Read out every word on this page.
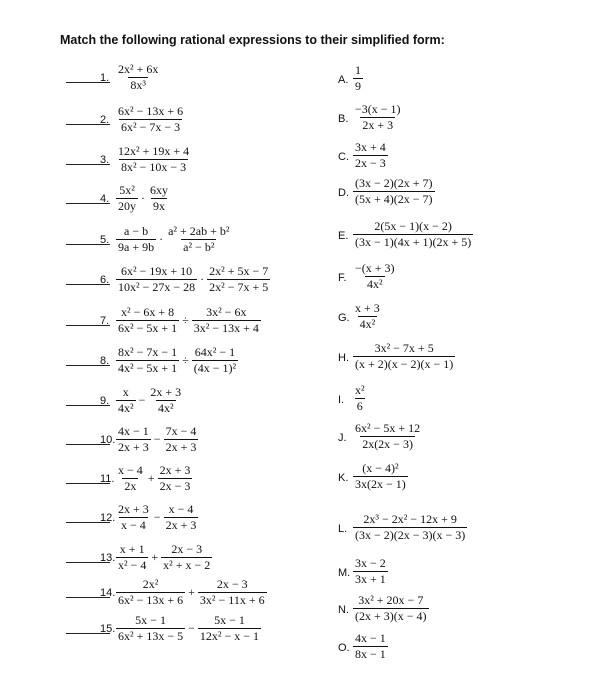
Match the following rational expressions to their simplified form:
1. $\frac{\text{2x² + 6x}}{\text{8x³}}$
2. $\frac{\text{6x² − 13x + 6}}{\text{6x² − 7x − 3}}$
3. $\frac{\text{12x² + 19x + 4}}{\text{8x² − 10x − 3}}$
4. $\frac{\text{5x²}}{20y} \cdot \frac{6xy}{9x}$
5. $\frac{a - b}{9a + 9b} \cdot \frac{\text{a² + 2ab + b²}}{\text{a² − b²}}$
6. $\frac{\text{6x² − 19x + 10}}{\text{10x² − 27x − 28}} \cdot \frac{\text{2x² + 5x − 7}}{\text{2x² − 7x + 5}}$
7. $\frac{\text{x² − 6x + 8}}{\text{6x² − 5x + 1}} \div \frac{\text{3x² − 6x}}{\text{3x² − 13x + 4}}$
8. $\frac{\text{8x² − 7x − 1}}{\text{4x² − 5x + 1}} \div \frac{\text{64x² − 1}}{\text{(4x − 1)²}}$
9. $\frac{x}{\text{4x²}} - \frac{2x + 3}{\text{4x²}}$
10. $\frac{4x - 1}{2x + 3} - \frac{7x - 4}{2x + 3}$
11. $\frac{x - 4}{2x} + \frac{2x + 3}{2x - 3}$
12. $\frac{2x + 3}{x - 4} - \frac{x - 4}{2x + 3}$
13. $\frac{x + 1}{\text{x² − 4}} + \frac{2x - 3}{\text{x² + x − 2}}$
14. $\frac{\text{2x²}}{\text{6x² − 13x + 6}} + \frac{2x - 3}{\text{3x² − 11x + 6}}$
15. $\frac{5x - 1}{\text{6x² + 13x − 5}} - \frac{5x - 1}{\text{12x² − x − 1}}$
A. $\frac{1}{9}$
B. $\frac{-3(x - 1)}{2x + 3}$
C. $\frac{3x + 4}{2x - 3}$
D. $\frac{(3x - 2)(2x + 7)}{(5x + 4)(2x - 7)}$
E. $\frac{2(5x - 1)(x - 2)}{(3x - 1)(4x + 1)(2x + 5)}$
F. $\frac{-(x + 3)}{\text{4x²}}$
G. $\frac{x + 3}{\text{4x²}}$
H. $\frac{\text{3x² − 7x + 5}}{(x + 2)(x - 2)(x - 1)}$
I. $\frac{\text{x²}}{6}$
J. $\frac{\text{6x² − 5x + 12}}{2x(2x - 3)}$
K. $\frac{\text{(x − 4)²}}{3x(2x - 1)}$
L. $\frac{\text{2x³ − 2x² − 12x + 9}}{(3x - 2)(2x - 3)(x - 3)}$
M. $\frac{3x - 2}{3x + 1}$
N. $\frac{\text{3x² + 20x − 7}}{(2x + 3)(x - 4)}$
O. $\frac{4x - 1}{8x - 1}$
